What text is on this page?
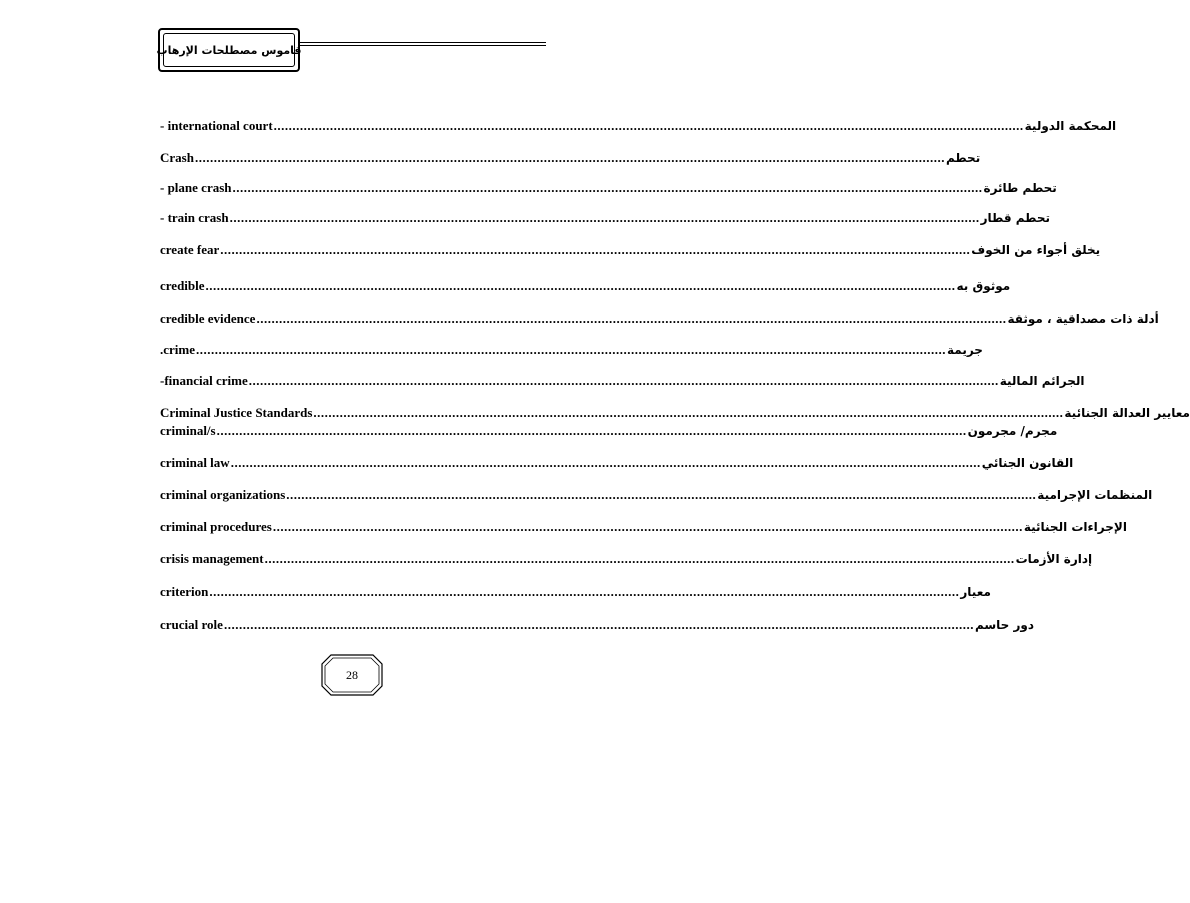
قاموس مصطلحات الإرهاب
- international court ........................................................................................................................................................................................................ المحكمة الدولية
Crash ........................................................................................................................................................................................................ تحطم
- plane crash ........................................................................................................................................................................................................ تحطم طائرة
- train crash ........................................................................................................................................................................................................ تحطم قطار
create fear ........................................................................................................................................................................................................ يخلق أجواء من الخوف
credible ........................................................................................................................................................................................................ موثوق به
credible evidence ........................................................................................................................................................................................................ أدلة ذات مصداقية ، موثقة
.crime ........................................................................................................................................................................................................ جريمة
-financial crime ........................................................................................................................................................................................................ الجرائم المالية
Criminal Justice Standards ........................................................................................................................................................................................................ معايير العدالة الجنائية
criminal/s ........................................................................................................................................................................................................ مجرم/ مجرمون
criminal law ........................................................................................................................................................................................................ القانون الجنائي
criminal organizations ........................................................................................................................................................................................................ المنظمات الإجرامية
criminal procedures ........................................................................................................................................................................................................ الإجراءات الجنائية
crisis management ........................................................................................................................................................................................................ إدارة الأزمات
criterion ........................................................................................................................................................................................................ معيار
crucial role ........................................................................................................................................................................................................ دور حاسم
28
